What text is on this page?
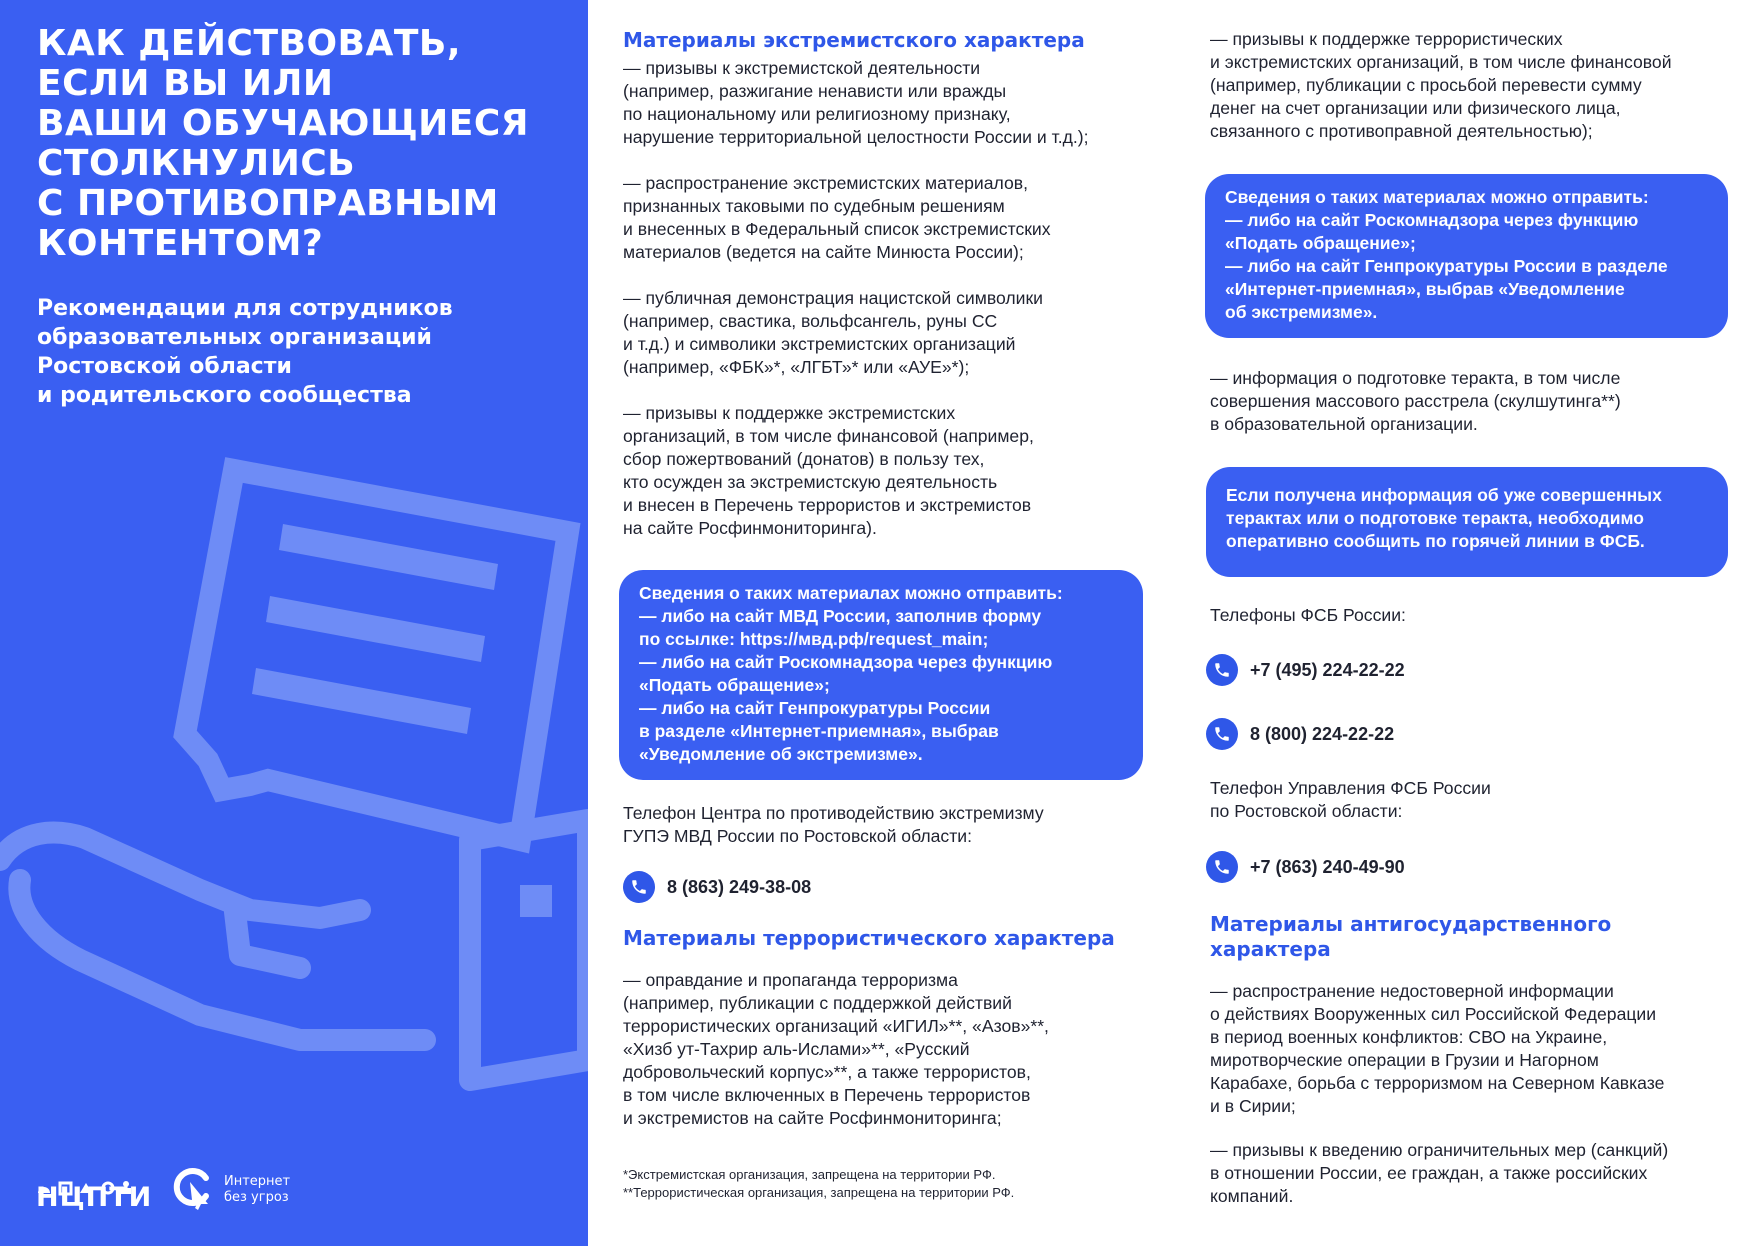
КАК ДЕЙСТВОВАТЬ,
ЕСЛИ ВЫ ИЛИ
ВАШИ ОБУЧАЮЩИЕСЯ
СТОЛКНУЛИСЬ
С ПРОТИВОПРАВНЫМ
КОНТЕНТОМ?

Рекомендации для сотрудников
образовательных организаций
Ростовской области
и родительского сообщества

НЦПТИ
Интернет
без угроз
Материалы экстремистского характера

— призывы к экстремистской деятельности
(например, разжигание ненависти или вражды
по национальному или религиозному признаку,
нарушение территориальной целостности России и т.д.);

— распространение экстремистских материалов,
признанных таковыми по судебным решениям
и внесенных в Федеральный список экстремистских
материалов (ведется на сайте Минюста России);

— публичная демонстрация нацистской символики
(например, свастика, вольфсангель, руны СС
и т.д.) и символики экстремистских организаций
(например, «ФБК»*, «ЛГБТ»* или «АУЕ»*);

— призывы к поддержке экстремистских
организаций, в том числе финансовой (например,
сбор пожертвований (донатов) в пользу тех,
кто осужден за экстремистскую деятельность
и внесен в Перечень террористов и экстремистов
на сайте Росфинмониторинга).

Сведения о таких материалах можно отправить:
— либо на сайт МВД России, заполнив форму
по ссылке: https://мвд.рф/request_main;
— либо на сайт Роскомнадзора через функцию
«Подать обращение»;
— либо на сайт Генпрокуратуры России
в разделе «Интернет-приемная», выбрав
«Уведомление об экстремизме».

Телефон Центра по противодействию экстремизму
ГУПЭ МВД России по Ростовской области:

8 (863) 249-38-08
Материалы террористического характера

— оправдание и пропаганда терроризма
(например, публикации с поддержкой действий
террористических организаций «ИГИЛ»**, «Азов»**,
«Хизб ут-Тахрир аль-Ислами»**, «Русский
добровольческий корпус»**, а также террористов,
в том числе включенных в Перечень террористов
и экстремистов на сайте Росфинмониторинга;

*Экстремистская организация, запрещена на территории РФ.
**Террористическая организация, запрещена на территории РФ.

— призывы к поддержке террористических
и экстремистских организаций, в том числе финансовой
(например, публикации с просьбой перевести сумму
денег на счет организации или физического лица,
связанного с противоправной деятельностью);

Сведения о таких материалах можно отправить:
— либо на сайт Роскомнадзора через функцию
«Подать обращение»;
— либо на сайт Генпрокуратуры России в разделе
«Интернет-приемная», выбрав «Уведомление
об экстремизме».

— информация о подготовке теракта, в том числе
совершения массового расстрела (скулшутинга**)
в образовательной организации.

Если получена информация об уже совершенных
терактах или о подготовке теракта, необходимо
оперативно сообщить по горячей линии в ФСБ.

Телефоны ФСБ России:

+7 (495) 224-22-22
8 (800) 224-22-22

Телефон Управления ФСБ России
по Ростовской области:

+7 (863) 240-49-90
Материалы антигосударственного
характера

— распространение недостоверной информации
о действиях Вооруженных сил Российской Федерации
в период военных конфликтов: СВО на Украине,
миротворческие операции в Грузии и Нагорном
Карабахе, борьба с терроризмом на Северном Кавказе
и в Сирии;

— призывы к введению ограничительных мер (санкций)
в отношении России, ее граждан, а также российских
компаний.
